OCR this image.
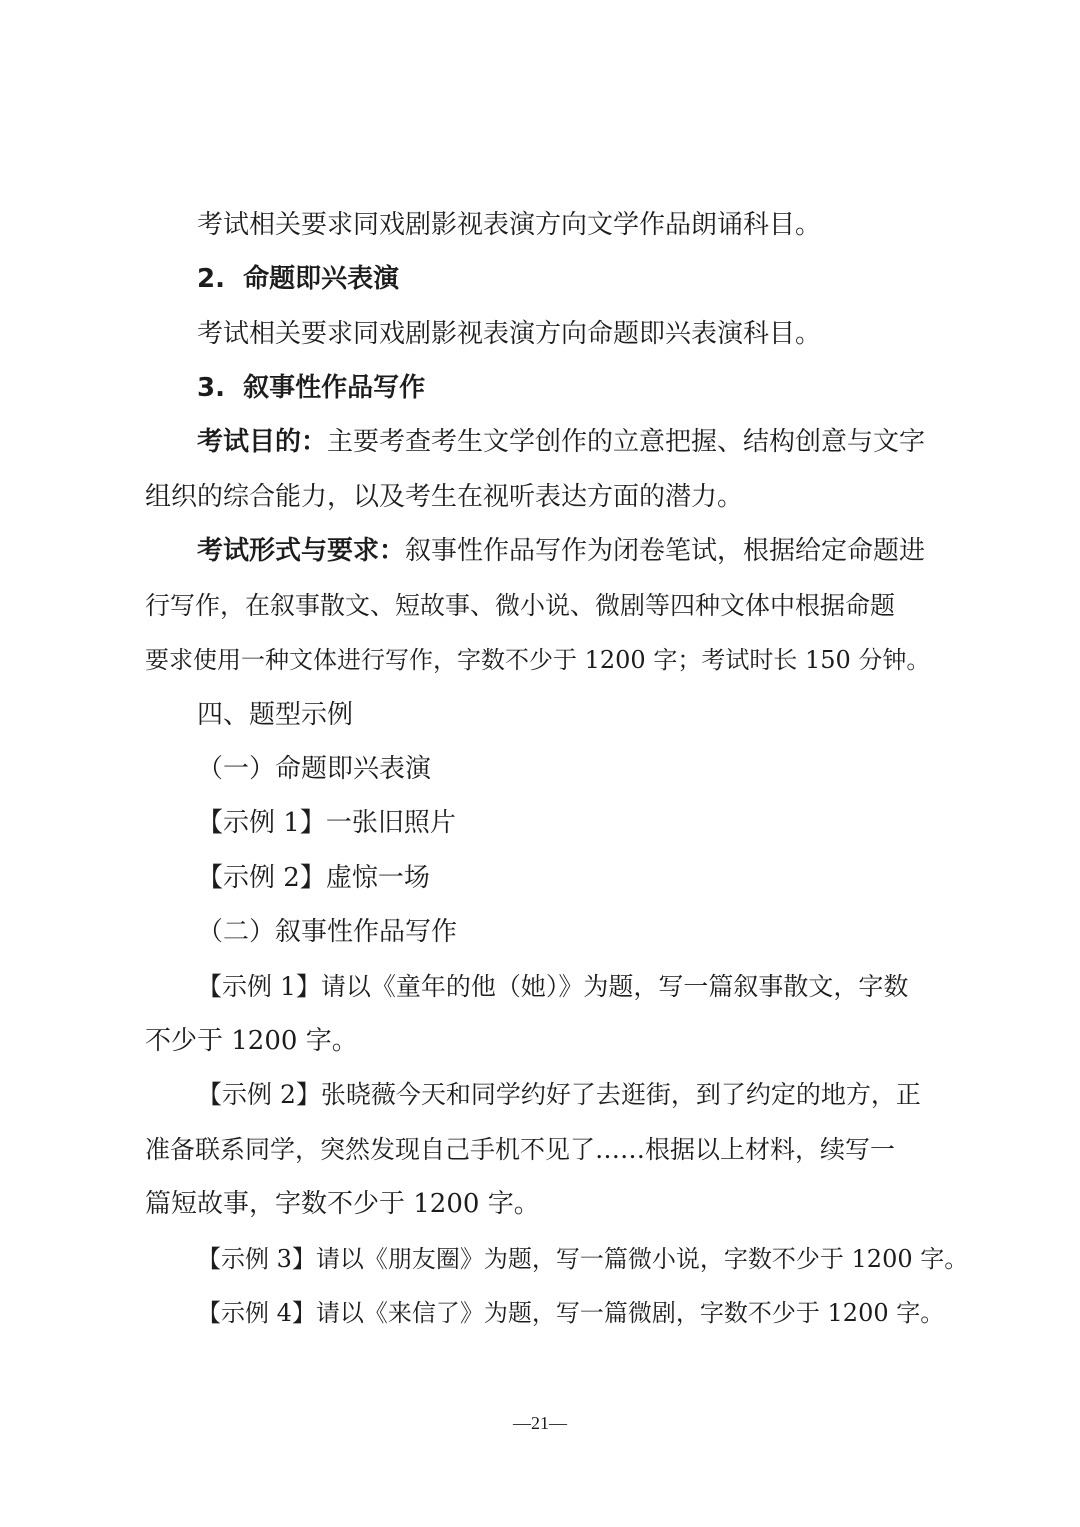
考试相关要求同戏剧影视表演方向文学作品朗诵科目。
2. 命题即兴表演
考试相关要求同戏剧影视表演方向命题即兴表演科目。
3. 叙事性作品写作
考试目的：主要考查考生文学创作的立意把握、结构创意与文字
组织的综合能力，以及考生在视听表达方面的潜力。
考试形式与要求：叙事性作品写作为闭卷笔试，根据给定命题进
行写作，在叙事散文、短故事、微小说、微剧等四种文体中根据命题
要求使用一种文体进行写作，字数不少于 1200 字；考试时长 150 分钟。
四、题型示例
（一）命题即兴表演
【示例 1】一张旧照片
【示例 2】虚惊一场
（二）叙事性作品写作
【示例 1】请以《童年的他（她）》为题，写一篇叙事散文，字数
不少于 1200 字。
【示例 2】张晓薇今天和同学约好了去逛街，到了约定的地方，正
准备联系同学，突然发现自己手机不见了……根据以上材料，续写一
篇短故事，字数不少于 1200 字。
【示例 3】请以《朋友圈》为题，写一篇微小说，字数不少于 1200 字。
【示例 4】请以《来信了》为题，写一篇微剧，字数不少于 1200 字。
—21—
